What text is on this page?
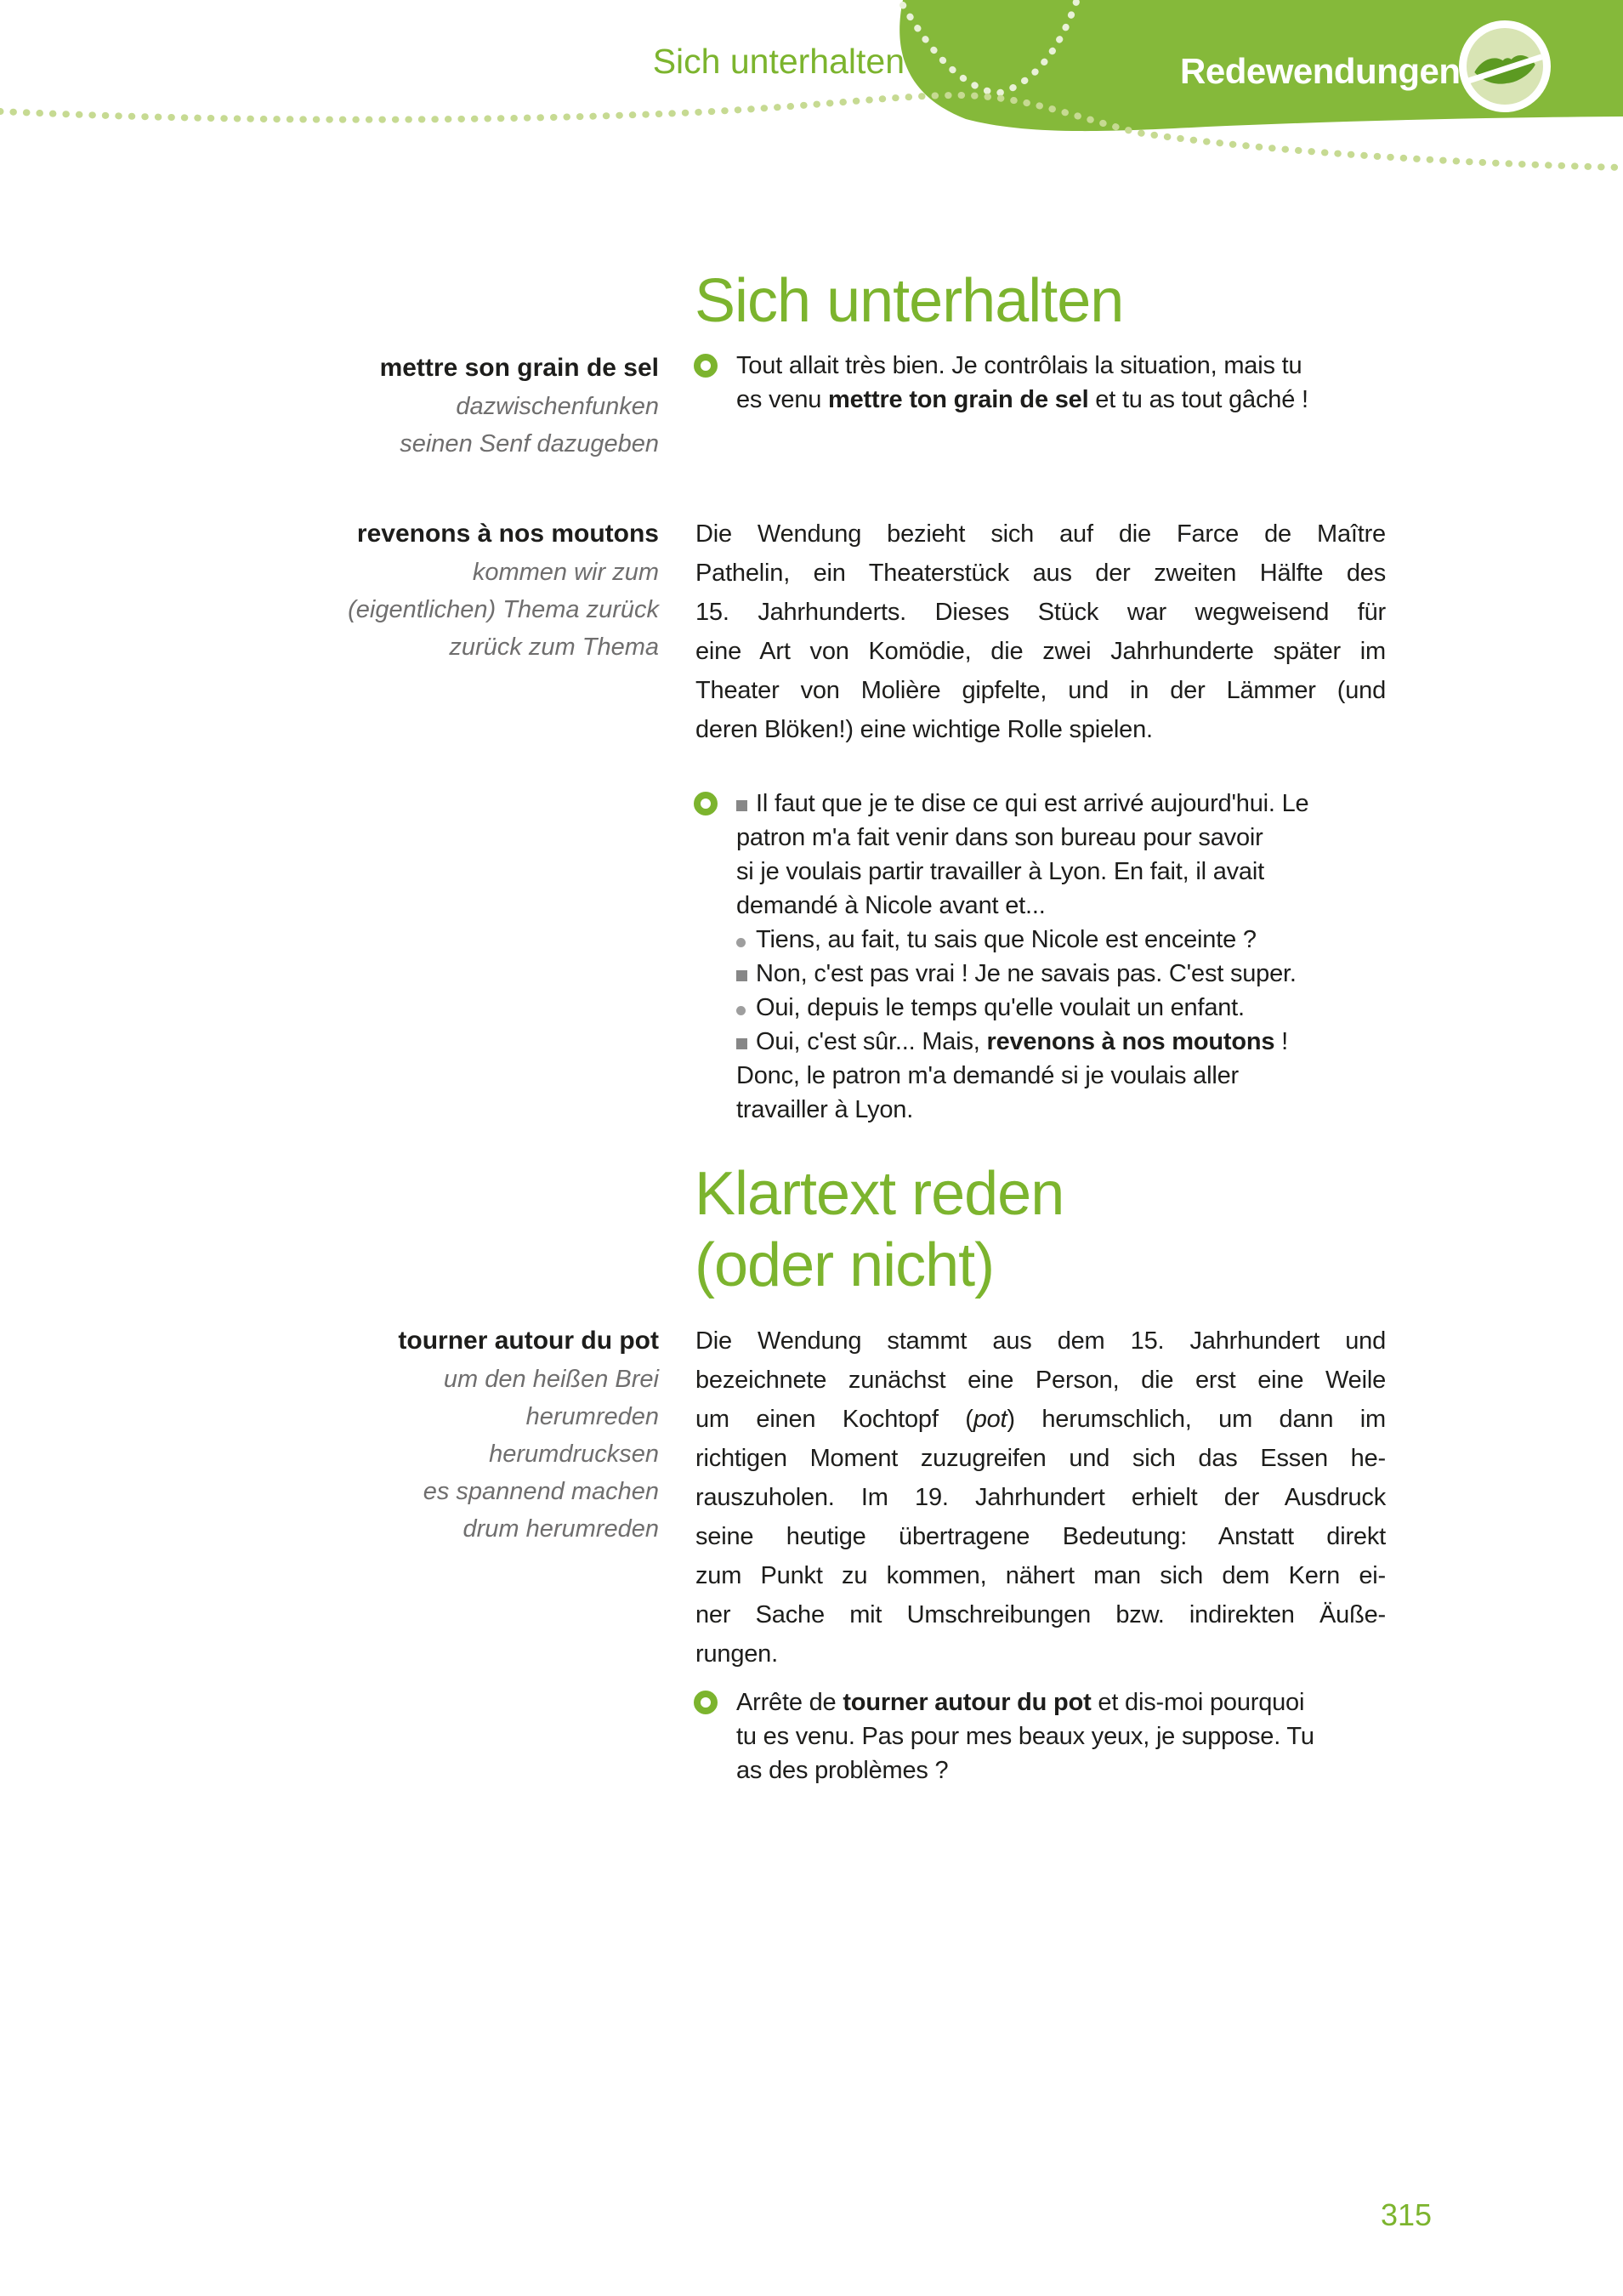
Sich unterhalten	Redewendungen
Sich unterhalten
mettre son grain de sel
dazwischenfunken
seinen Senf dazugeben
Tout allait très bien. Je contrôlais la situation, mais tu
es venu mettre ton grain de sel et tu as tout gâché !
revenons à nos moutons
kommen wir zum
(eigentlichen) Thema zurück
zurück zum Thema
Die Wendung bezieht sich auf die Farce de Maître
Pathelin, ein Theaterstück aus der zweiten Hälfte des
15. Jahrhunderts. Dieses Stück war wegweisend für
eine Art von Komödie, die zwei Jahrhunderte später im
Theater von Molière gipfelte, und in der Lämmer (und
deren Blöken!) eine wichtige Rolle spielen.
Il faut que je te dise ce qui est arrivé aujourd'hui. Le
patron m'a fait venir dans son bureau pour savoir
si je voulais partir travailler à Lyon. En fait, il avait
demandé à Nicole avant et...
Tiens, au fait, tu sais que Nicole est enceinte ?
Non, c'est pas vrai ! Je ne savais pas. C'est super.
Oui, depuis le temps qu'elle voulait un enfant.
Oui, c'est sûr... Mais, revenons à nos moutons !
Donc, le patron m'a demandé si je voulais aller
travailler à Lyon.
Klartext reden
(oder nicht)
tourner autour du pot
um den heißen Brei
herumreden
herumdrucksen
es spannend machen
drum herumreden
Die Wendung stammt aus dem 15. Jahrhundert und
bezeichnete zunächst eine Person, die erst eine Weile
um einen Kochtopf (pot) herumschlich, um dann im
richtigen Moment zuzugreifen und sich das Essen he-
rauszuholen. Im 19. Jahrhundert erhielt der Ausdruck
seine heutige übertragene Bedeutung: Anstatt direkt
zum Punkt zu kommen, nähert man sich dem Kern ei-
ner Sache mit Umschreibungen bzw. indirekten Äuße-
rungen.
Arrête de tourner autour du pot et dis-moi pourquoi
tu es venu. Pas pour mes beaux yeux, je suppose. Tu
as des problèmes ?
315
